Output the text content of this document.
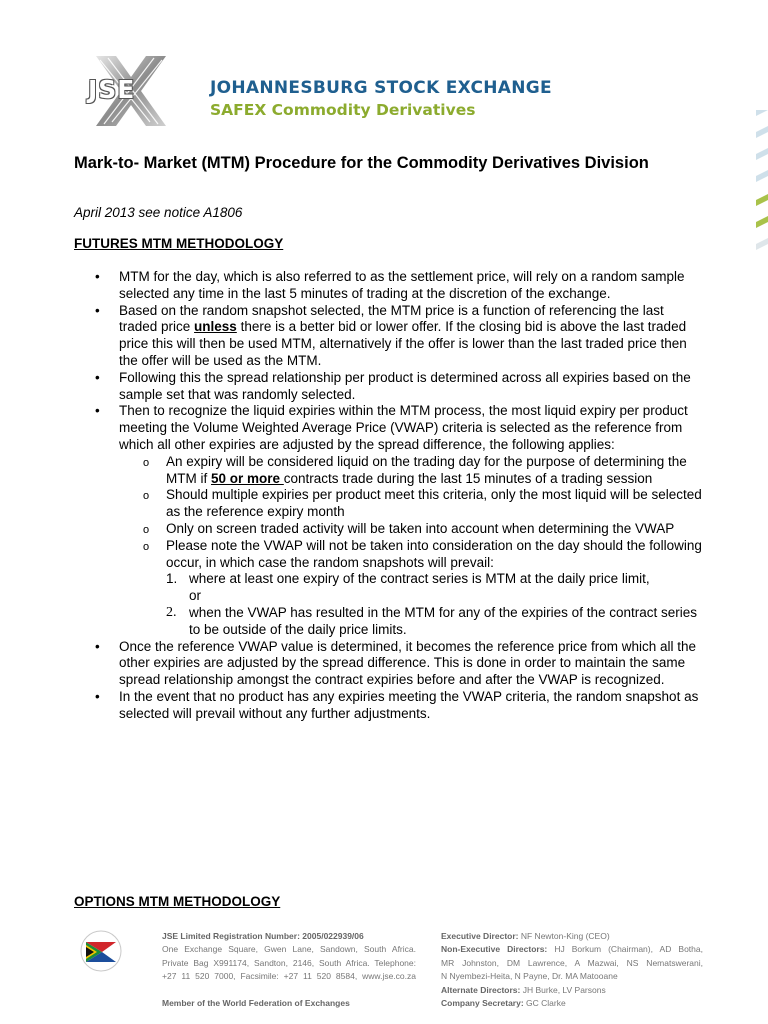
JSE	JOHANNESBURG STOCK EXCHANGE
SAFEX Commodity Derivatives
Mark-to- Market (MTM) Procedure for the Commodity Derivatives Division
April 2013 see notice A1806
FUTURES MTM METHODOLOGY
• MTM for the day, which is also referred to as the settlement price, will rely on a random sample selected any time in the last 5 minutes of trading at the discretion of the exchange.
• Based on the random snapshot selected, the MTM price is a function of referencing the last traded price unless there is a better bid or lower offer. If the closing bid is above the last traded price this will then be used MTM, alternatively if the offer is lower than the last traded price then the offer will be used as the MTM.
• Following this the spread relationship per product is determined across all expiries based on the sample set that was randomly selected.
• Then to recognize the liquid expiries within the MTM process, the most liquid expiry per product meeting the Volume Weighted Average Price (VWAP) criteria is selected as the reference from which all other expiries are adjusted by the spread difference, the following applies:
o An expiry will be considered liquid on the trading day for the purpose of determining the MTM if 50 or more contracts trade during the last 15 minutes of a trading session
o Should multiple expiries per product meet this criteria, only the most liquid will be selected as the reference expiry month
o Only on screen traded activity will be taken into account when determining the VWAP
o Please note the VWAP will not be taken into consideration on the day should the following occur, in which case the random snapshots will prevail:
1. where at least one expiry of the contract series is MTM at the daily price limit,
or
2. when the VWAP has resulted in the MTM for any of the expiries of the contract series to be outside of the daily price limits.
• Once the reference VWAP value is determined, it becomes the reference price from which all the other expiries are adjusted by the spread difference. This is done in order to maintain the same spread relationship amongst the contract expiries before and after the VWAP is recognized.
• In the event that no product has any expiries meeting the VWAP criteria, the random snapshot as selected will prevail without any further adjustments.
OPTIONS MTM METHODOLOGY
JSE Limited Registration Number: 2005/022939/06
One Exchange Square, Gwen Lane, Sandown, South Africa.
Private Bag X991174, Sandton, 2146, South Africa. Telephone:
+27 11 520 7000, Facsimile: +27 11 520 8584, www.jse.co.za
Member of the World Federation of Exchanges
Executive Director: NF Newton-King (CEO)
Non-Executive Directors: HJ Borkum (Chairman), AD Botha,
MR Johnston, DM Lawrence, A Mazwai, NS Nematswerani,
N Nyembezi-Heita, N Payne, Dr. MA Matooane
Alternate Directors: JH Burke, LV Parsons
Company Secretary: GC Clarke
